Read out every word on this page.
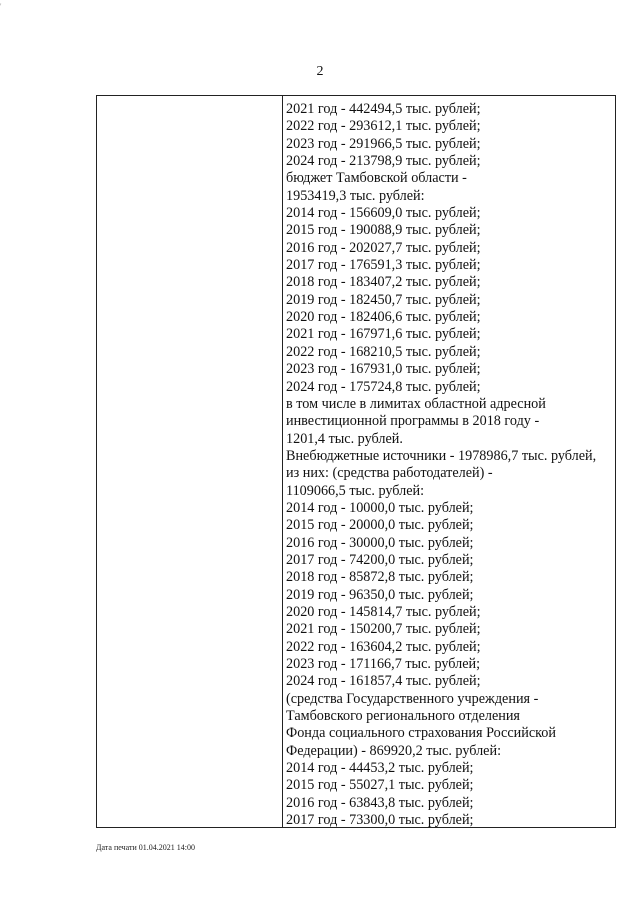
'
2
2021 год - 442494,5 тыс. рублей;
2022 год - 293612,1 тыс. рублей;
2023 год - 291966,5 тыс. рублей;
2024 год - 213798,9 тыс. рублей;
бюджет Тамбовской области -
1953419,3 тыс. рублей:
2014 год - 156609,0 тыс. рублей;
2015 год - 190088,9 тыс. рублей;
2016 год - 202027,7 тыс. рублей;
2017 год - 176591,3 тыс. рублей;
2018 год - 183407,2 тыс. рублей;
2019 год - 182450,7 тыс. рублей;
2020 год - 182406,6 тыс. рублей;
2021 год - 167971,6 тыс. рублей;
2022 год - 168210,5 тыс. рублей;
2023 год - 167931,0 тыс. рублей;
2024 год - 175724,8 тыс. рублей;
в том числе в лимитах областной адресной
инвестиционной программы в 2018 году -
1201,4 тыс. рублей.
Внебюджетные источники - 1978986,7 тыс. рублей,
из них: (средства работодателей) -
1109066,5 тыс. рублей:
2014 год - 10000,0 тыс. рублей;
2015 год - 20000,0 тыс. рублей;
2016 год - 30000,0 тыс. рублей;
2017 год - 74200,0 тыс. рублей;
2018 год - 85872,8 тыс. рублей;
2019 год - 96350,0 тыс. рублей;
2020 год - 145814,7 тыс. рублей;
2021 год - 150200,7 тыс. рублей;
2022 год - 163604,2 тыс. рублей;
2023 год - 171166,7 тыс. рублей;
2024 год - 161857,4 тыс. рублей;
(средства Государственного учреждения -
Тамбовского регионального отделения
Фонда социального страхования Российской
Федерации) - 869920,2 тыс. рублей:
2014 год - 44453,2 тыс. рублей;
2015 год - 55027,1 тыс. рублей;
2016 год - 63843,8 тыс. рублей;
2017 год - 73300,0 тыс. рублей;
Дата печати 01.04.2021 14:00
